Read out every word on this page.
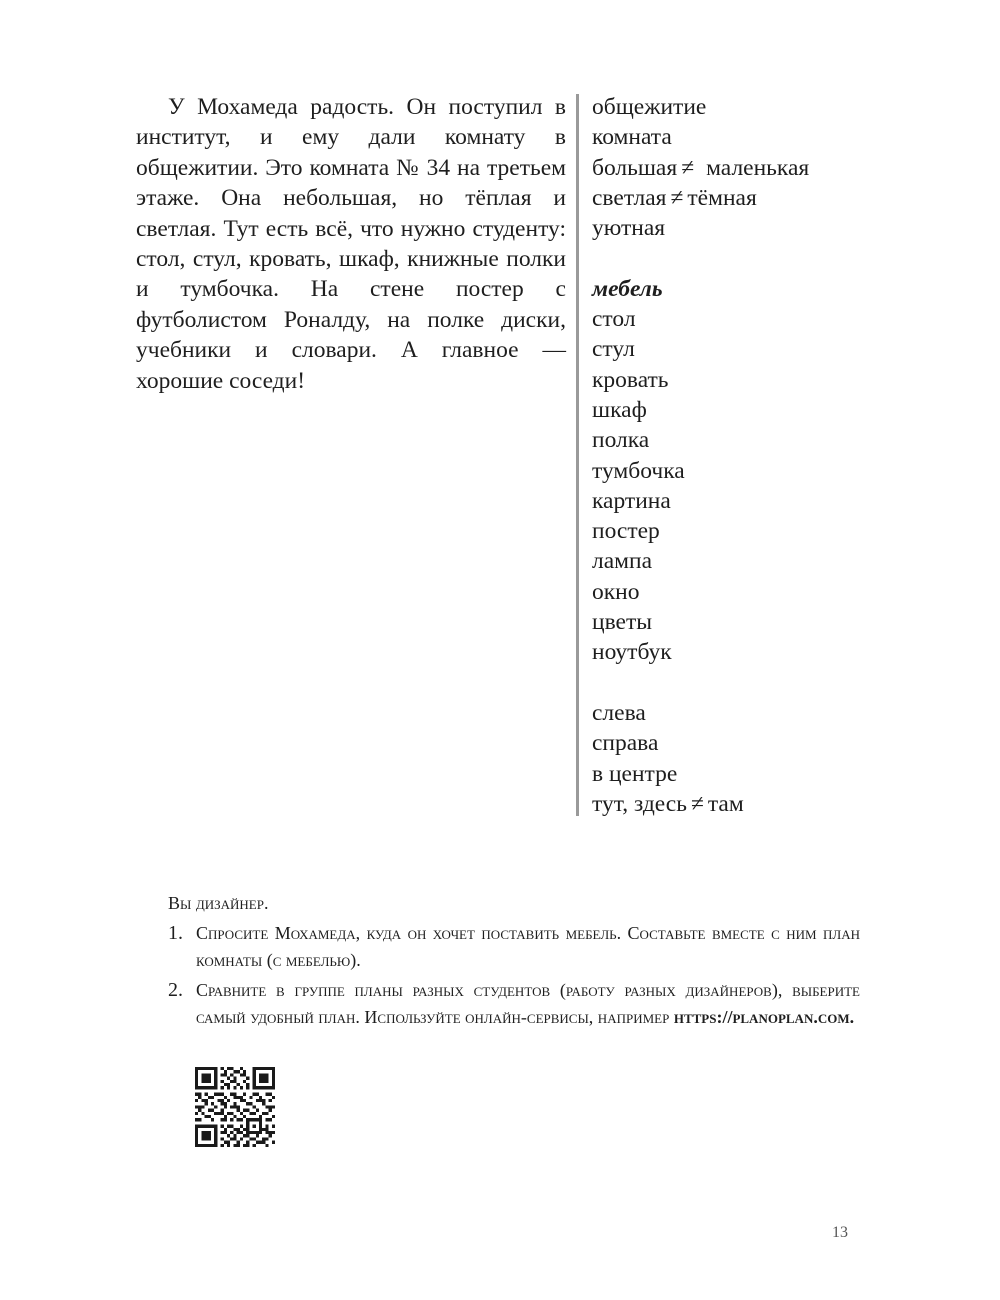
У Мохамеда радость. Он поступил в институт, и ему дали комнату в общежитии. Это комната № 34 на третьем этаже. Она небольшая, но тёплая и светлая. Тут есть всё, что нужно студенту: стол, стул, кровать, шкаф, книжные полки и тумбочка. На стене постер с футболистом Роналду, на полке диски, учебники и словари. А главное — хорошие соседи!

общежитие
комната
большая ≠ маленькая
светлая ≠ тёмная
уютная
мебель
стол
стул
кровать
шкаф
полка
тумбочка
картина
постер
лампа
окно
цветы
ноутбук
слева
справа
в центре
тут, здесь ≠ там
Вы дизайнер.
1. Спросите Мохамеда, куда он хочет поставить мебель. Составьте вместе с ним план комнаты (с мебелью).
2. Сравните в группе планы разных студентов (работу разных дизайнеров), выберите самый удобный план. Используйте онлайн-сервисы, например https://planoplan.com.
13
